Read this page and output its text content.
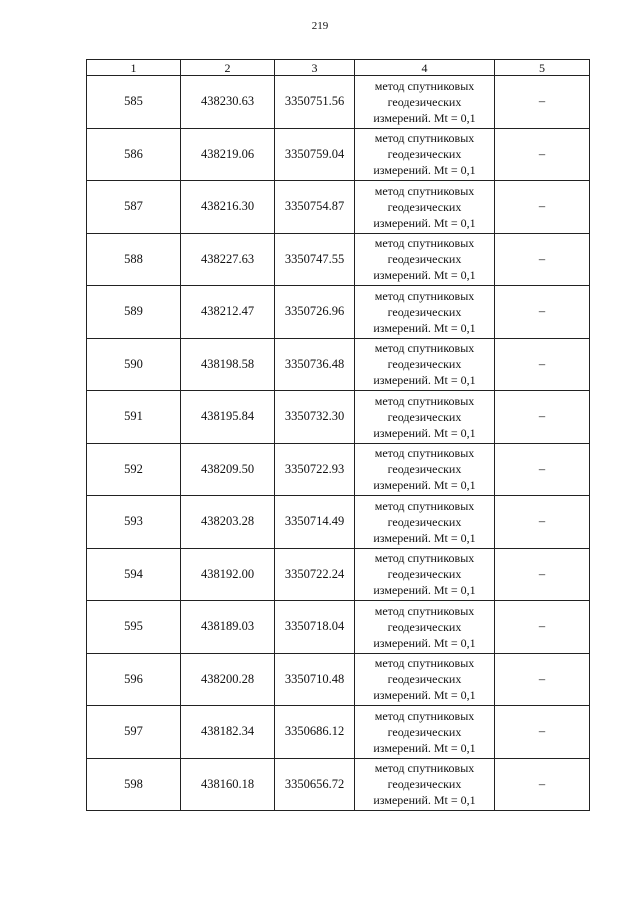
219
1	2	3	4	5
585	438230.63	3350751.56	метод спутниковых
геодезических
измерений. Mt = 0,1	–
586	438219.06	3350759.04	метод спутниковых
геодезических
измерений. Mt = 0,1	–
587	438216.30	3350754.87	метод спутниковых
геодезических
измерений. Mt = 0,1	–
588	438227.63	3350747.55	метод спутниковых
геодезических
измерений. Mt = 0,1	–
589	438212.47	3350726.96	метод спутниковых
геодезических
измерений. Mt = 0,1	–
590	438198.58	3350736.48	метод спутниковых
геодезических
измерений. Mt = 0,1	–
591	438195.84	3350732.30	метод спутниковых
геодезических
измерений. Mt = 0,1	–
592	438209.50	3350722.93	метод спутниковых
геодезических
измерений. Mt = 0,1	–
593	438203.28	3350714.49	метод спутниковых
геодезических
измерений. Mt = 0,1	–
594	438192.00	3350722.24	метод спутниковых
геодезических
измерений. Mt = 0,1	–
595	438189.03	3350718.04	метод спутниковых
геодезических
измерений. Mt = 0,1	–
596	438200.28	3350710.48	метод спутниковых
геодезических
измерений. Mt = 0,1	–
597	438182.34	3350686.12	метод спутниковых
геодезических
измерений. Mt = 0,1	–
598	438160.18	3350656.72	метод спутниковых
геодезических
измерений. Mt = 0,1	–
